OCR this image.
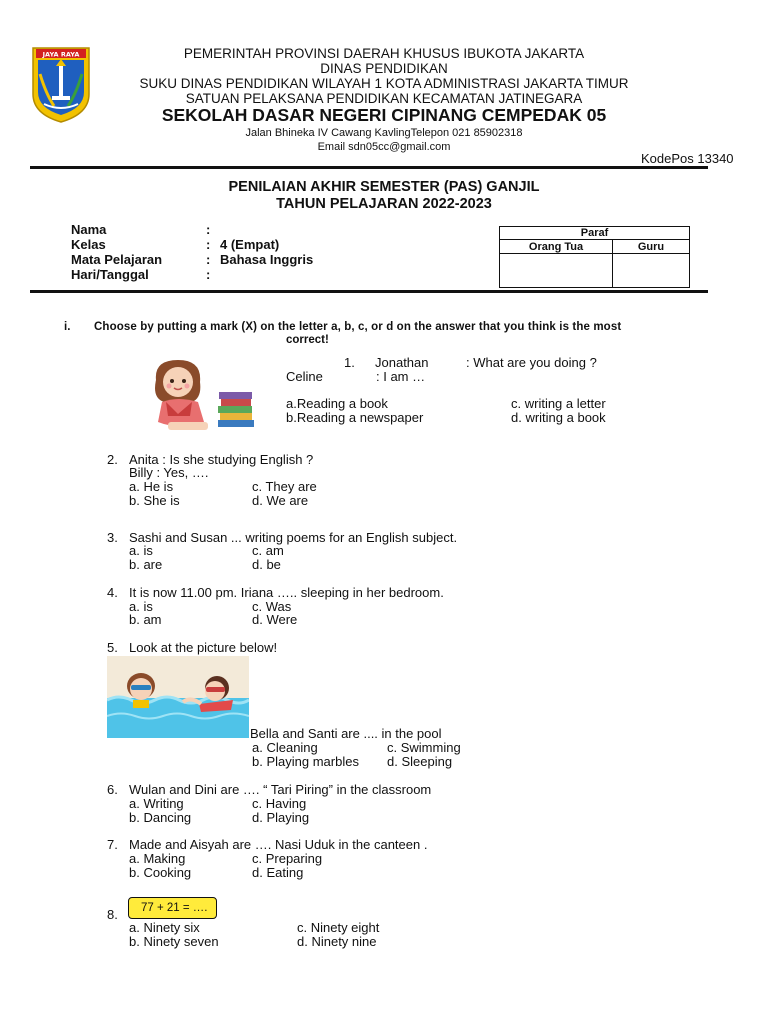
JAYA RAYA	PEMERINTAH PROVINSI DAERAH KHUSUS IBUKOTA JAKARTA
DINAS PENDIDIKAN
SUKU DINAS PENDIDIKAN WILAYAH 1 KOTA ADMINISTRASI JAKARTA TIMUR
SATUAN PELAKSANA PENDIDIKAN KECAMATAN JATINEGARA
SEKOLAH DASAR NEGERI CIPINANG CEMPEDAK 05
Jalan Bhineka IV Cawang KavlingTelepon 021 85902318
Email sdn05cc@gmail.com
KodePos 13340
PENILAIAN AKHIR SEMESTER (PAS) GANJIL
TAHUN PELAJARAN 2022-2023
Nama	:
Kelas	: 4 (Empat)
Mata Pelajaran	: Bahasa Inggris
Hari/Tanggal	:
Paraf	
Orang Tua	Guru

i. Choose by putting a mark (X) on the letter a, b, c, or d on the answer that you think is the most
correct!
1. Jonathan	: What are you doing ?
Celine	: I am …
a.Reading a book
b.Reading a newspaper
c. writing a letter
d. writing a book
2. Anita : Is she studying English ?
Billy : Yes, ….
a. He is
b. She is
c. They are
d. We are
3. Sashi and Susan ... writing poems for an English subject.
a. is
b. are
c. am
d. be
4. It is now 11.00 pm. Iriana ….. sleeping in her bedroom.
a. is
b. am
c. Was
d. Were
5. Look at the picture below!
Bella and Santi are .... in the pool
a. Cleaning
b. Playing marbles
c. Swimming
d. Sleeping
6. Wulan and Dini are …. “ Tari Piring” in the classroom
a. Writing
b. Dancing
c. Having
d. Playing
7. Made and Aisyah are …. Nasi Uduk in the canteen .
a. Making
b. Cooking
c. Preparing
d. Eating
8.	77 + 21 = ….
a. Ninety six
b. Ninety seven
c. Ninety eight
d. Ninety nine
